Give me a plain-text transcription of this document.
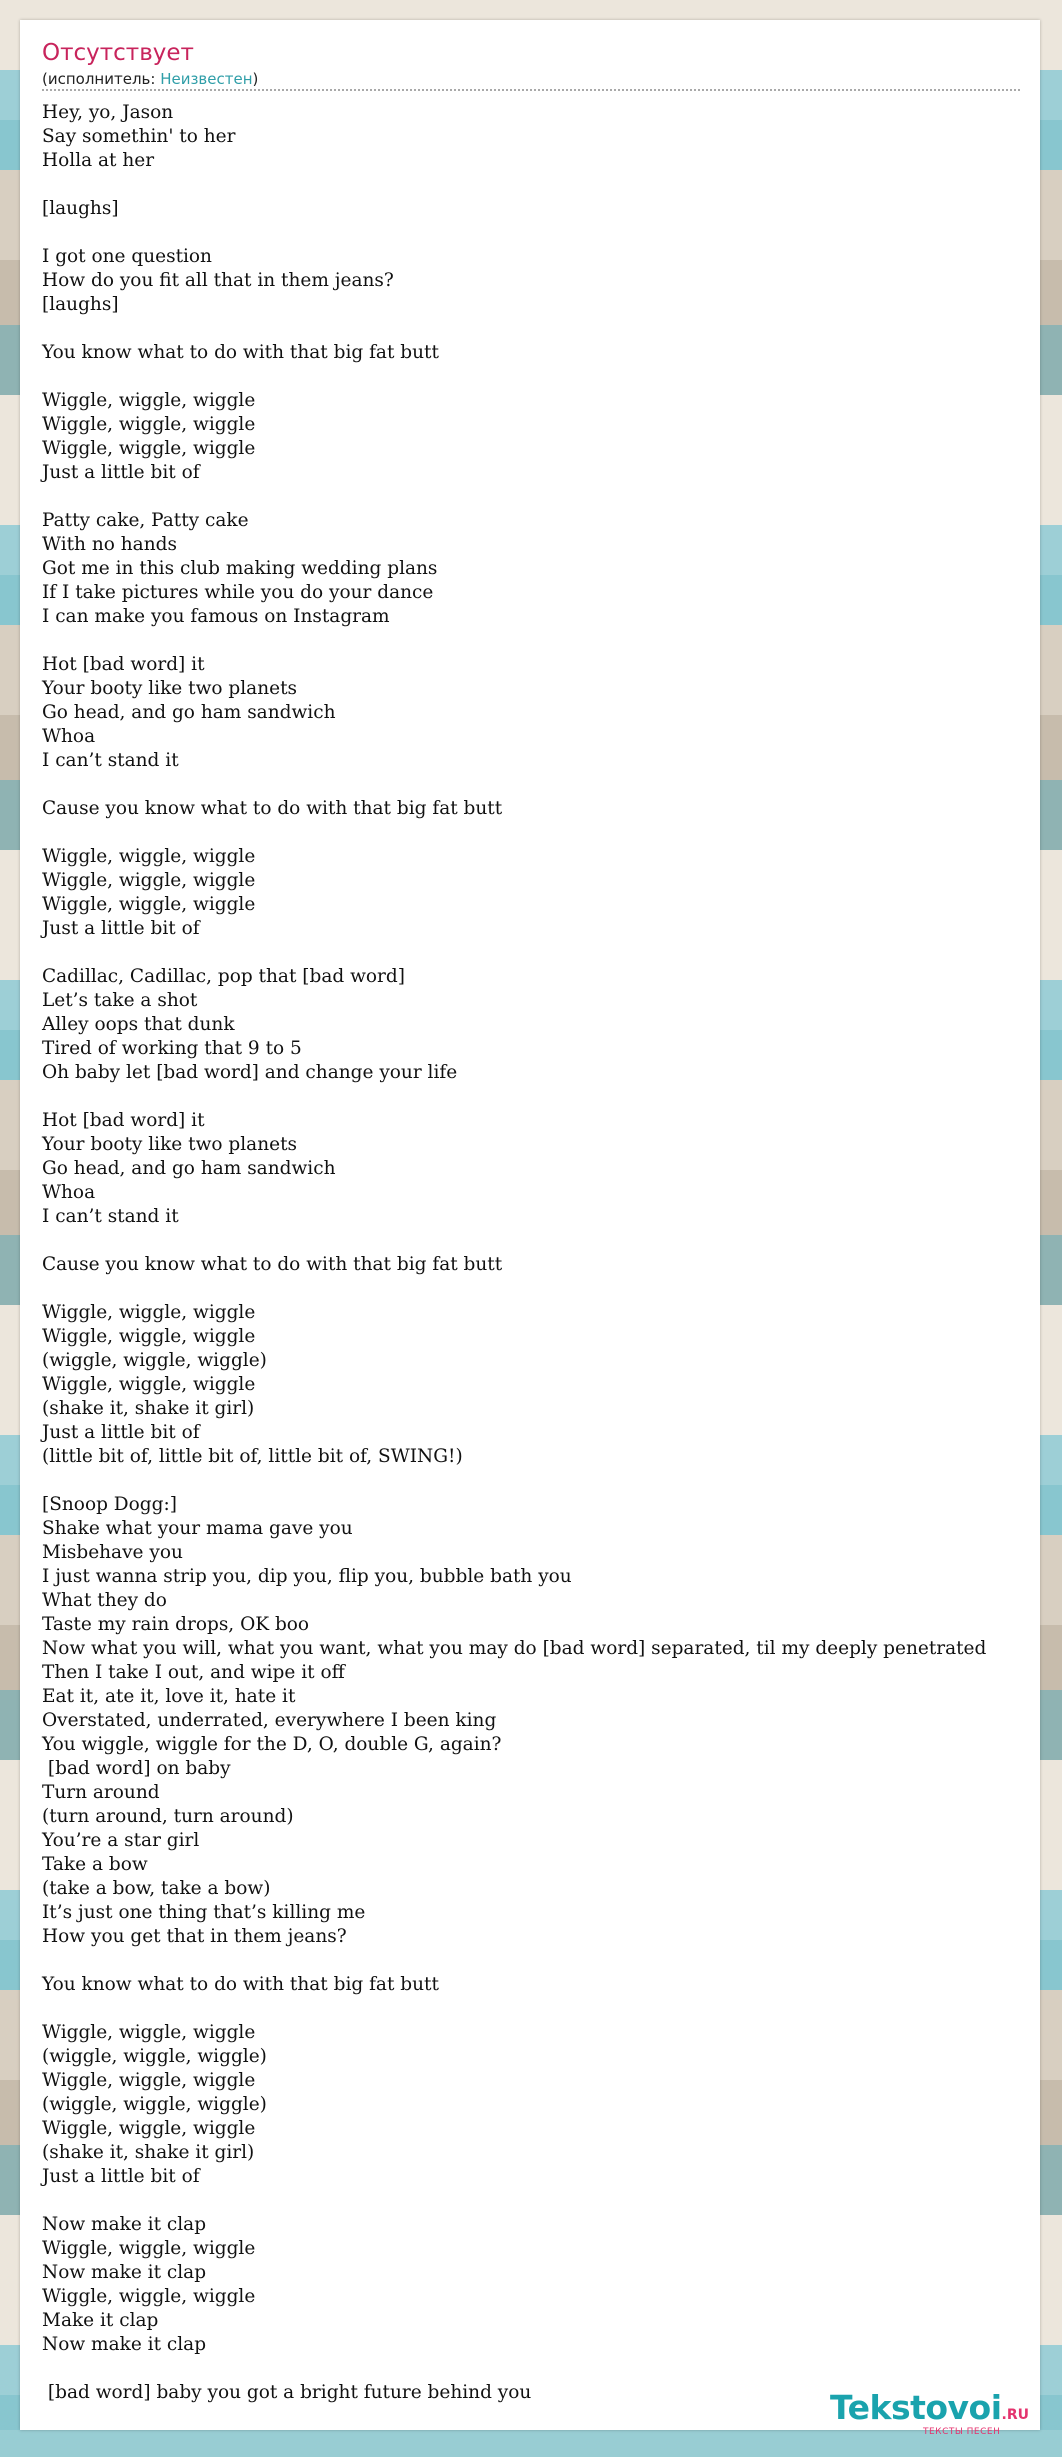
Отсутствует
(исполнитель: Неизвестен)
Hey, yo, Jason
Say somethin' to her
Holla at her

[laughs]

I got one question
How do you fit all that in them jeans?
[laughs]

You know what to do with that big fat butt

Wiggle, wiggle, wiggle
Wiggle, wiggle, wiggle
Wiggle, wiggle, wiggle
Just a little bit of

Patty cake, Patty cake
With no hands
Got me in this club making wedding plans
If I take pictures while you do your dance
I can make you famous on Instagram

Hot [bad word] it
Your booty like two planets
Go head, and go ham sandwich
Whoa
I can’t stand it

Cause you know what to do with that big fat butt

Wiggle, wiggle, wiggle
Wiggle, wiggle, wiggle
Wiggle, wiggle, wiggle
Just a little bit of

Cadillac, Cadillac, pop that [bad word]
Let’s take a shot
Alley oops that dunk
Tired of working that 9 to 5
Oh baby let [bad word] and change your life

Hot [bad word] it
Your booty like two planets
Go head, and go ham sandwich
Whoa
I can’t stand it

Cause you know what to do with that big fat butt

Wiggle, wiggle, wiggle
Wiggle, wiggle, wiggle
(wiggle, wiggle, wiggle)
Wiggle, wiggle, wiggle
(shake it, shake it girl)
Just a little bit of
(little bit of, little bit of, little bit of, SWING!)

[Snoop Dogg:]
Shake what your mama gave you
Misbehave you
I just wanna strip you, dip you, flip you, bubble bath you
What they do
Taste my rain drops, OK boo
Now what you will, what you want, what you may do [bad word] separated, til my deeply penetrated
Then I take I out, and wipe it off
Eat it, ate it, love it, hate it
Overstated, underrated, everywhere I been king
You wiggle, wiggle for the D, O, double G, again?
[bad word] on baby
Turn around
(turn around, turn around)
You’re a star girl
Take a bow
(take a bow, take a bow)
It’s just one thing that’s killing me
How you get that in them jeans?

You know what to do with that big fat butt

Wiggle, wiggle, wiggle
(wiggle, wiggle, wiggle)
Wiggle, wiggle, wiggle
(wiggle, wiggle, wiggle)
Wiggle, wiggle, wiggle
(shake it, shake it girl)
Just a little bit of

Now make it clap
Wiggle, wiggle, wiggle
Now make it clap
Wiggle, wiggle, wiggle
Make it clap
Now make it clap

[bad word] baby you got a bright future behind you	Tekstovoi.RU
ТЕКСТЫ ПЕСЕН
